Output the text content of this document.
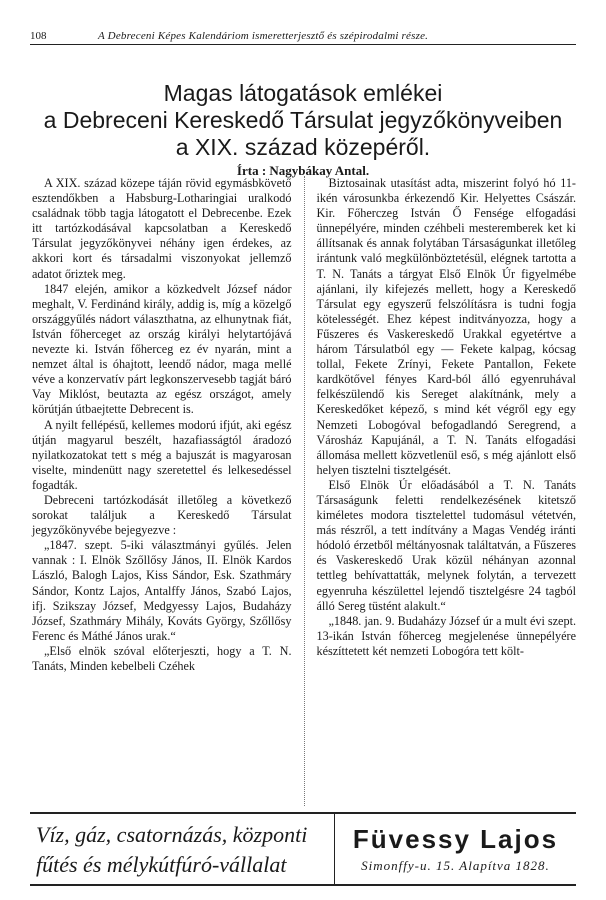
108	A Debreceni Képes Kalendáriom ismeretterjesztő és szépirodalmi része.
Magas látogatások emlékei
a Debreceni Kereskedő Társulat jegyzőkönyveiben
a XIX. század közepéről.
Írta : Nagybákay Antal.

A XIX. század közepe táján rövid egymásbkövető esztendőkben a Habsburg-Lotharingiai uralkodó családnak több tagja látogatott el Debrecenbe. Ezek itt tartózkodásával kapcsolatban a Kereskedő Társulat jegyzőkönyvei néhány igen érdekes, az akkori kort és társadalmi viszonyokat jellemző adatot őriztek meg.

1847 elején, amikor a közkedvelt József nádor meghalt, V. Ferdinánd király, addig is, míg a közelgő országgyűlés nádort választhatna, az elhunytnak fiát, István főherceget az ország királyi helytartójává nevezte ki. István főherceg ez év nyarán, mint a nemzet által is óhajtott, leendő nádor, maga mellé véve a konzervatív párt legkonszervesebb tagját báró Vay Miklóst, beutazta az egész országot, amely körútján útbaejtette Debrecent is.

A nyilt fellépésű, kellemes modorú ifjút, aki egész útján magyarul beszélt, hazafiasságtól áradozó nyilatkozatokat tett s még a bajuszát is magyarosan viselte, mindenütt nagy szeretettel és lelkesedéssel fogadták.

Debreceni tartózkodását illetőleg a következő sorokat találjuk a Kereskedő Társulat jegyzőkönyvébe bejegyezve :

„1847. szept. 5-iki választmányi gyűlés. Jelen vannak : I. Elnök Szőllősy János, II. Elnök Kardos László, Balogh Lajos, Kiss Sándor, Esk. Szathmáry Sándor, Kontz Lajos, Antalffy János, Szabó Lajos, ifj. Szikszay József, Medgyessy Lajos, Budaházy József, Szathmáry Mihály, Kováts György, Szőllősy Ferenc és Máthé János urak.“

„Első elnök szóval előterjeszti, hogy a T. N. Tanáts, Minden kebelbeli Czéhek

Biztosainak utasítást adta, miszerint folyó hó 11-ikén városunkba érkezendő Kir. Helyettes Császár. Kir. Főherczeg István Ő Fensége elfogadási ünnepélyére, minden czéhbeli mesteremberek ket ki állítsanak és annak folytában Társaságunkat illetőleg irántunk való megkülönböztetésül, elégnek tartotta a T. N. Tanáts a tárgyat Első Elnök Úr figyelmébe ajánlani, ily kifejezés mellett, hogy a Kereskedő Társulat egy egyszerű felszólításra is tudni fogja kötelességét. Ehez képest inditványozza, hogy a Fűszeres és Vaskereskedő Urakkal egyetértve a három Társulatból egy — Fekete kalpag, kócsag tollal, Fekete Zrínyi, Fekete Pantallon, Fekete kardkötővel fényes Kard-ból álló egyenruhával felkészülendő kis Sereget alakítnánk, mely a Kereskedőket képező, s mind két végről egy egy Nemzeti Lobogóval befogadlandó Seregrend, a Városház Kapujánál, a T. N. Tanáts elfogadási állomása mellett közvetlenül eső, s még ajánlott első helyen tisztelni tisztelgését.

Első Elnök Úr előadásából a T. N. Tanáts Társaságunk feletti rendelkezésének kitetsző kiméletes modora tisztelettel tudomásul vétetvén, más részről, a tett indítvány a Magas Vendég iránti hódoló érzetből méltányosnak találtatván, a Fűszeres és Vaskereskedő Urak közül néhányan azonnal tettleg behívattatták, melynek folytán, a tervezett egyenruha készülettel lejendő tisztelgésre 24 tagból álló Sereg tüstént alakult.“

„1848. jan. 9. Budaházy József úr a mult évi szept. 13-ikán István főherceg megjelenése ünnepélyére készíttetett két nemzeti Lobogóra tett költ-

Víz, gáz, csatornázás, központi
fűtés és mélykútfúró-vállalat
Füvessy Lajos
Simonffy-u. 15. Alapítva 1828.
